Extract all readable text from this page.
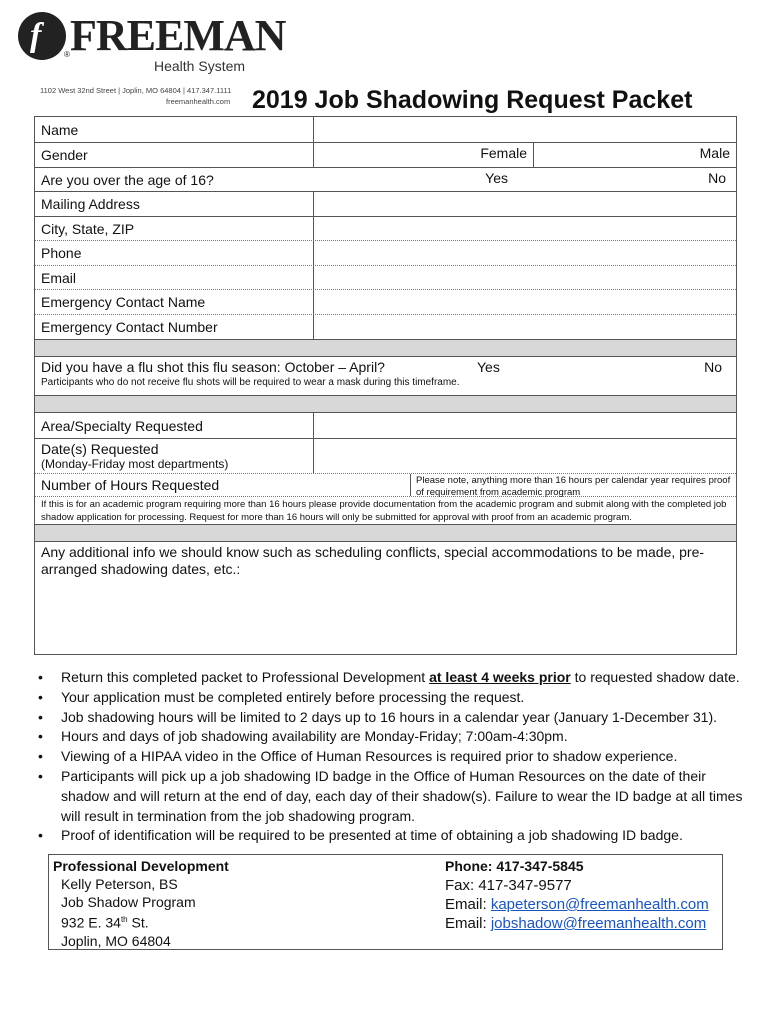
f FREEMAN
®
Health System
1102 West 32nd Street | Joplin, MO 64804 | 417.347.1111
freemanhealth.com 2019 Job Shadowing Request Packet
Name
Gender	Female	Male
Are you over the age of 16?	Yes	No
Mailing Address
City, State, ZIP
Phone
Email
Emergency Contact Name
Emergency Contact Number
Did you have a flu shot this flu season: October – April?	Yes	No
Participants who do not receive flu shots will be required to wear a mask during this timeframe.
Area/Specialty Requested
Date(s) Requested
(Monday-Friday most departments)
Number of Hours Requested	Please note, anything more than 16 hours per calendar year requires proof of requirement from academic program
If this is for an academic program requiring more than 16 hours please provide documentation from the academic program and submit along with the completed job shadow application for processing. Request for more than 16 hours will only be submitted for approval with proof from an academic program.
Any additional info we should know such as scheduling conflicts, special accommodations to be made, pre-arranged shadowing dates, etc.:
• Return this completed packet to Professional Development at least 4 weeks prior to requested shadow date.
• Your application must be completed entirely before processing the request.
• Job shadowing hours will be limited to 2 days up to 16 hours in a calendar year (January 1-December 31).
• Hours and days of job shadowing availability are Monday-Friday; 7:00am-4:30pm.
• Viewing of a HIPAA video in the Office of Human Resources is required prior to shadow experience.
• Participants will pick up a job shadowing ID badge in the Office of Human Resources on the date of their shadow and will return at the end of day, each day of their shadow(s). Failure to wear the ID badge at all times will result in termination from the job shadowing program.
• Proof of identification will be required to be presented at time of obtaining a job shadowing ID badge.
Professional Development
Kelly Peterson, BS
Job Shadow Program
932 E. 34th St.
Joplin, MO 64804
Phone: 417-347-5845
Fax: 417-347-9577
Email: kapeterson@freemanhealth.com
Email: jobshadow@freemanhealth.com
